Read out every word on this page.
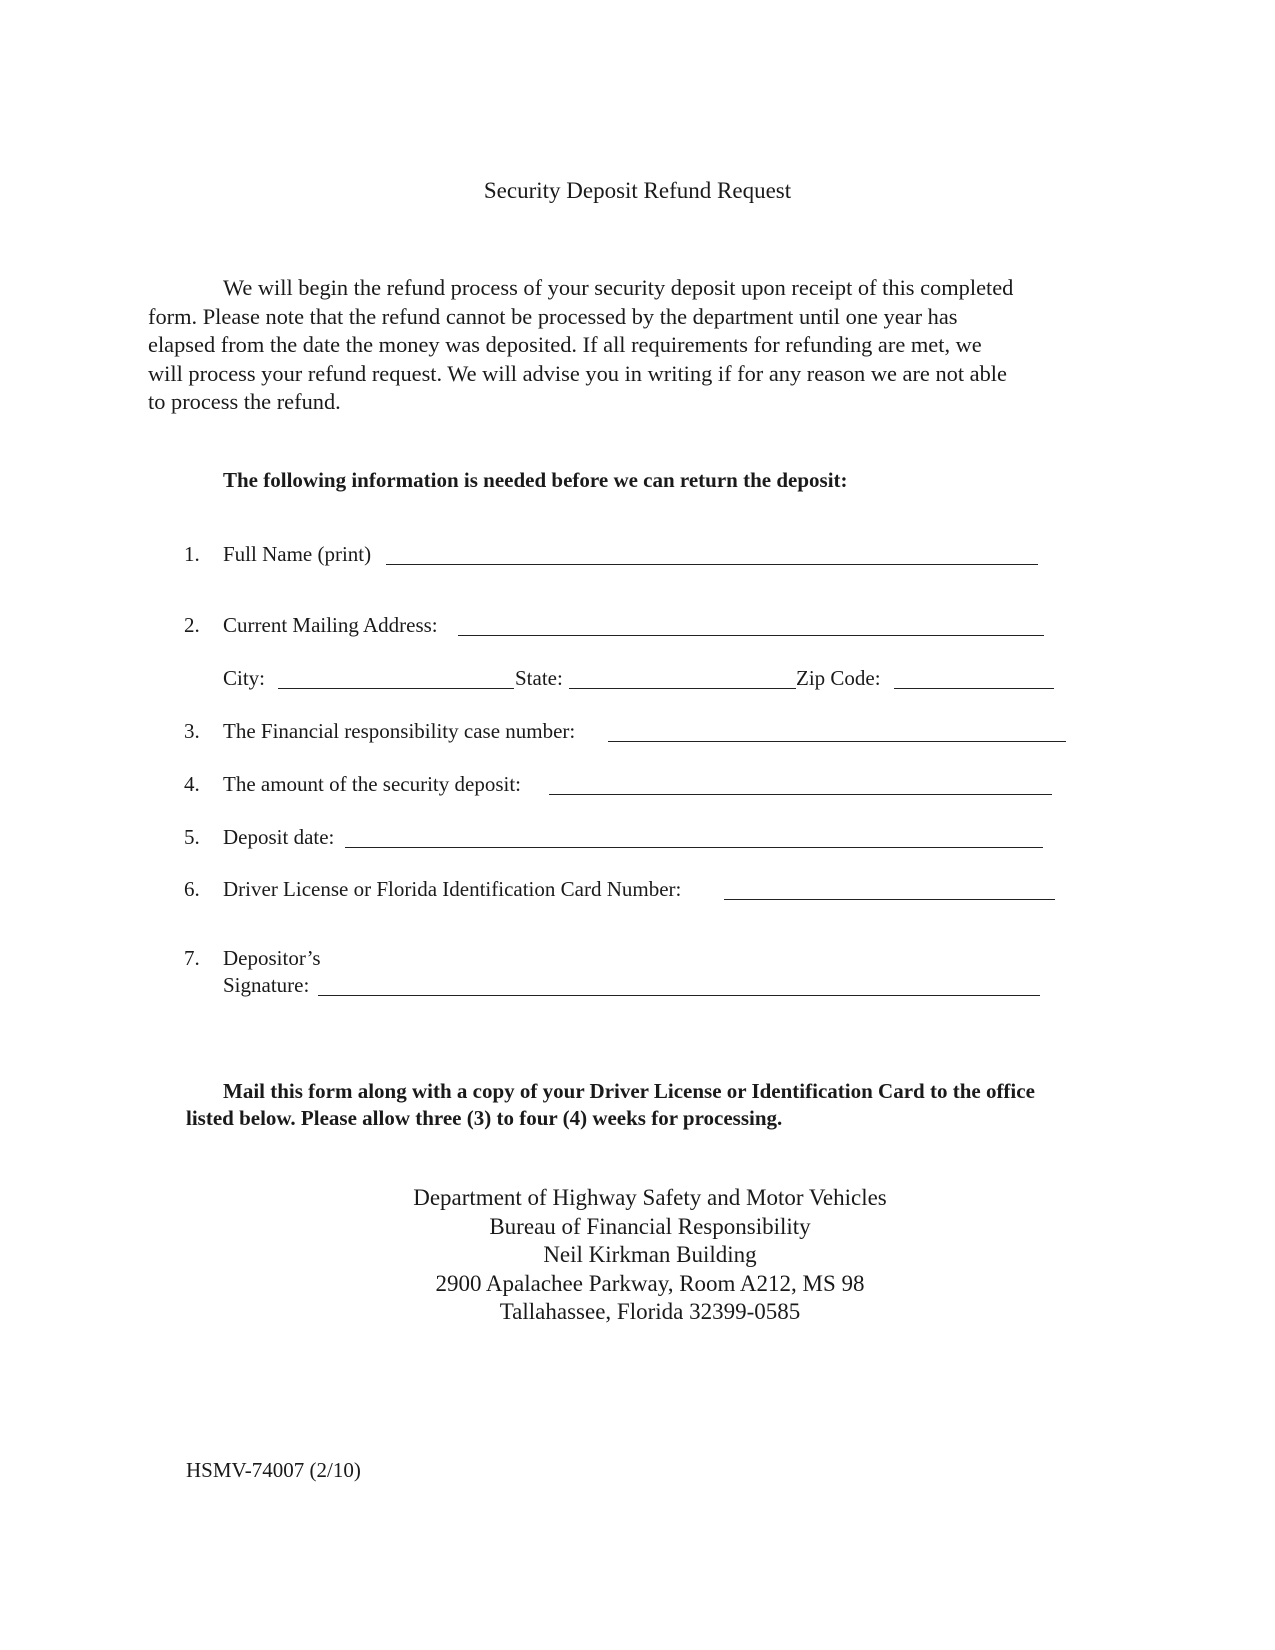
Security Deposit Refund Request
We will begin the refund process of your security deposit upon receipt of this completed
form. Please note that the refund cannot be processed by the department until one year has
elapsed from the date the money was deposited. If all requirements for refunding are met, we
will process your refund request. We will advise you in writing if for any reason we are not able
to process the refund.
The following information is needed before we can return the deposit:
1. Full Name (print)
2. Current Mailing Address:
City:	State:	Zip Code:
3. The Financial responsibility case number:
4. The amount of the security deposit:
5. Deposit date:
6. Driver License or Florida Identification Card Number:
7. Depositor’s
Signature:
Mail this form along with a copy of your Driver License or Identification Card to the office
listed below. Please allow three (3) to four (4) weeks for processing.
Department of Highway Safety and Motor Vehicles
Bureau of Financial Responsibility
Neil Kirkman Building
2900 Apalachee Parkway, Room A212, MS 98
Tallahassee, Florida 32399-0585
HSMV-74007 (2/10)
